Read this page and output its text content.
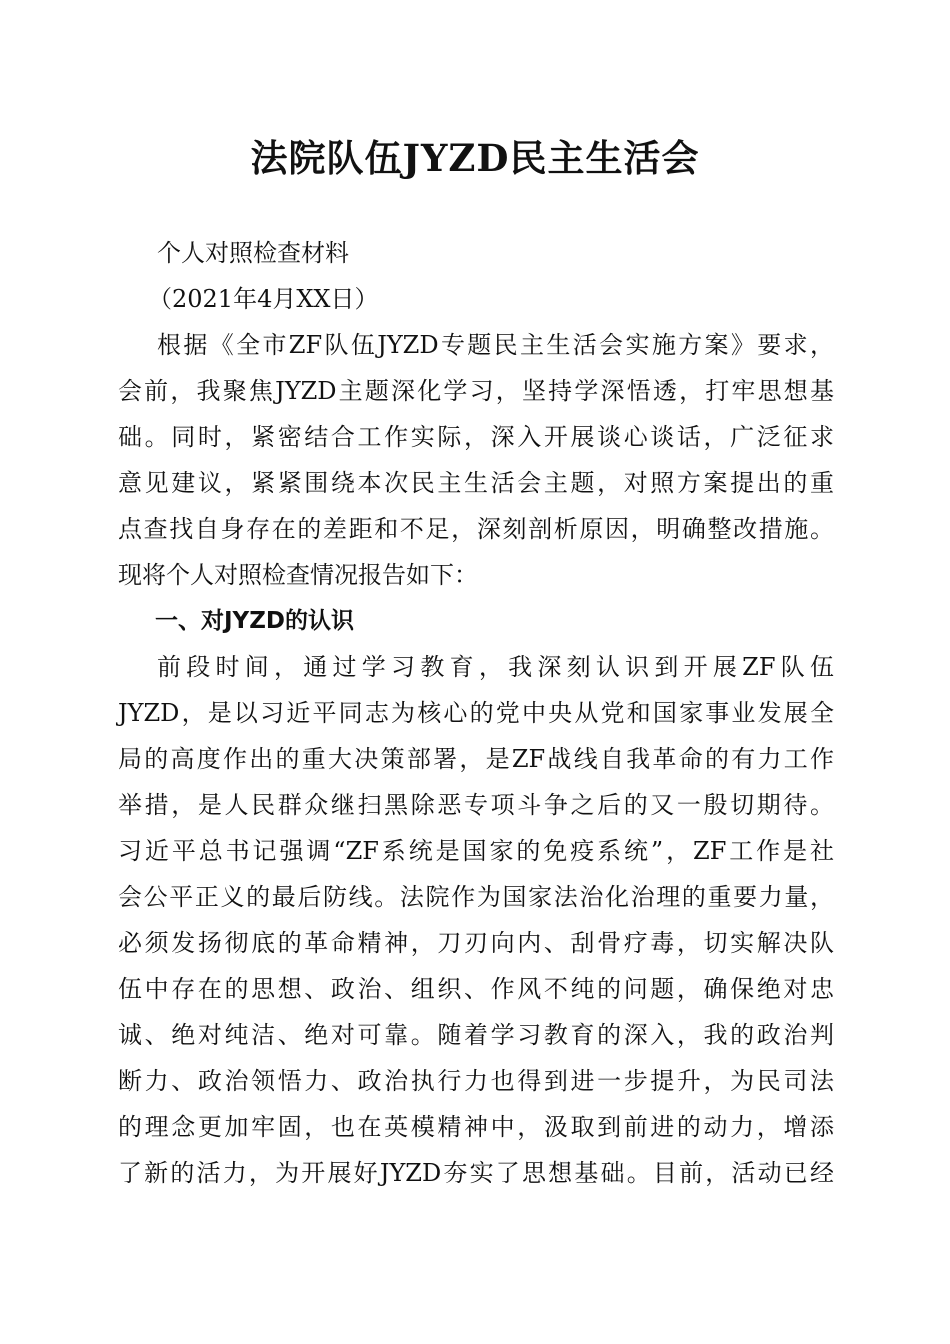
法院队伍JYZD民主生活会
个人对照检查材料
（2021年4月XX日）
根据《全市ZF队伍JYZD专题民主生活会实施方案》要求，
会前，我聚焦JYZD主题深化学习，坚持学深悟透，打牢思想基
础。同时，紧密结合工作实际，深入开展谈心谈话，广泛征求
意见建议，紧紧围绕本次民主生活会主题，对照方案提出的重
点查找自身存在的差距和不足，深刻剖析原因，明确整改措施。
现将个人对照检查情况报告如下：
一、对JYZD的认识
前段时间，通过学习教育，我深刻认识到开展ZF队伍
JYZD，是以习近平同志为核心的党中央从党和国家事业发展全
局的高度作出的重大决策部署，是ZF战线自我革命的有力工作
举措，是人民群众继扫黑除恶专项斗争之后的又一殷切期待。
习近平总书记强调“ZF系统是国家的免疫系统”，ZF工作是社
会公平正义的最后防线。法院作为国家法治化治理的重要力量，
必须发扬彻底的革命精神，刀刃向内、刮骨疗毒，切实解决队
伍中存在的思想、政治、组织、作风不纯的问题，确保绝对忠
诚、绝对纯洁、绝对可靠。随着学习教育的深入，我的政治判
断力、政治领悟力、政治执行力也得到进一步提升，为民司法
的理念更加牢固，也在英模精神中，汲取到前进的动力，增添
了新的活力，为开展好JYZD夯实了思想基础。目前，活动已经
